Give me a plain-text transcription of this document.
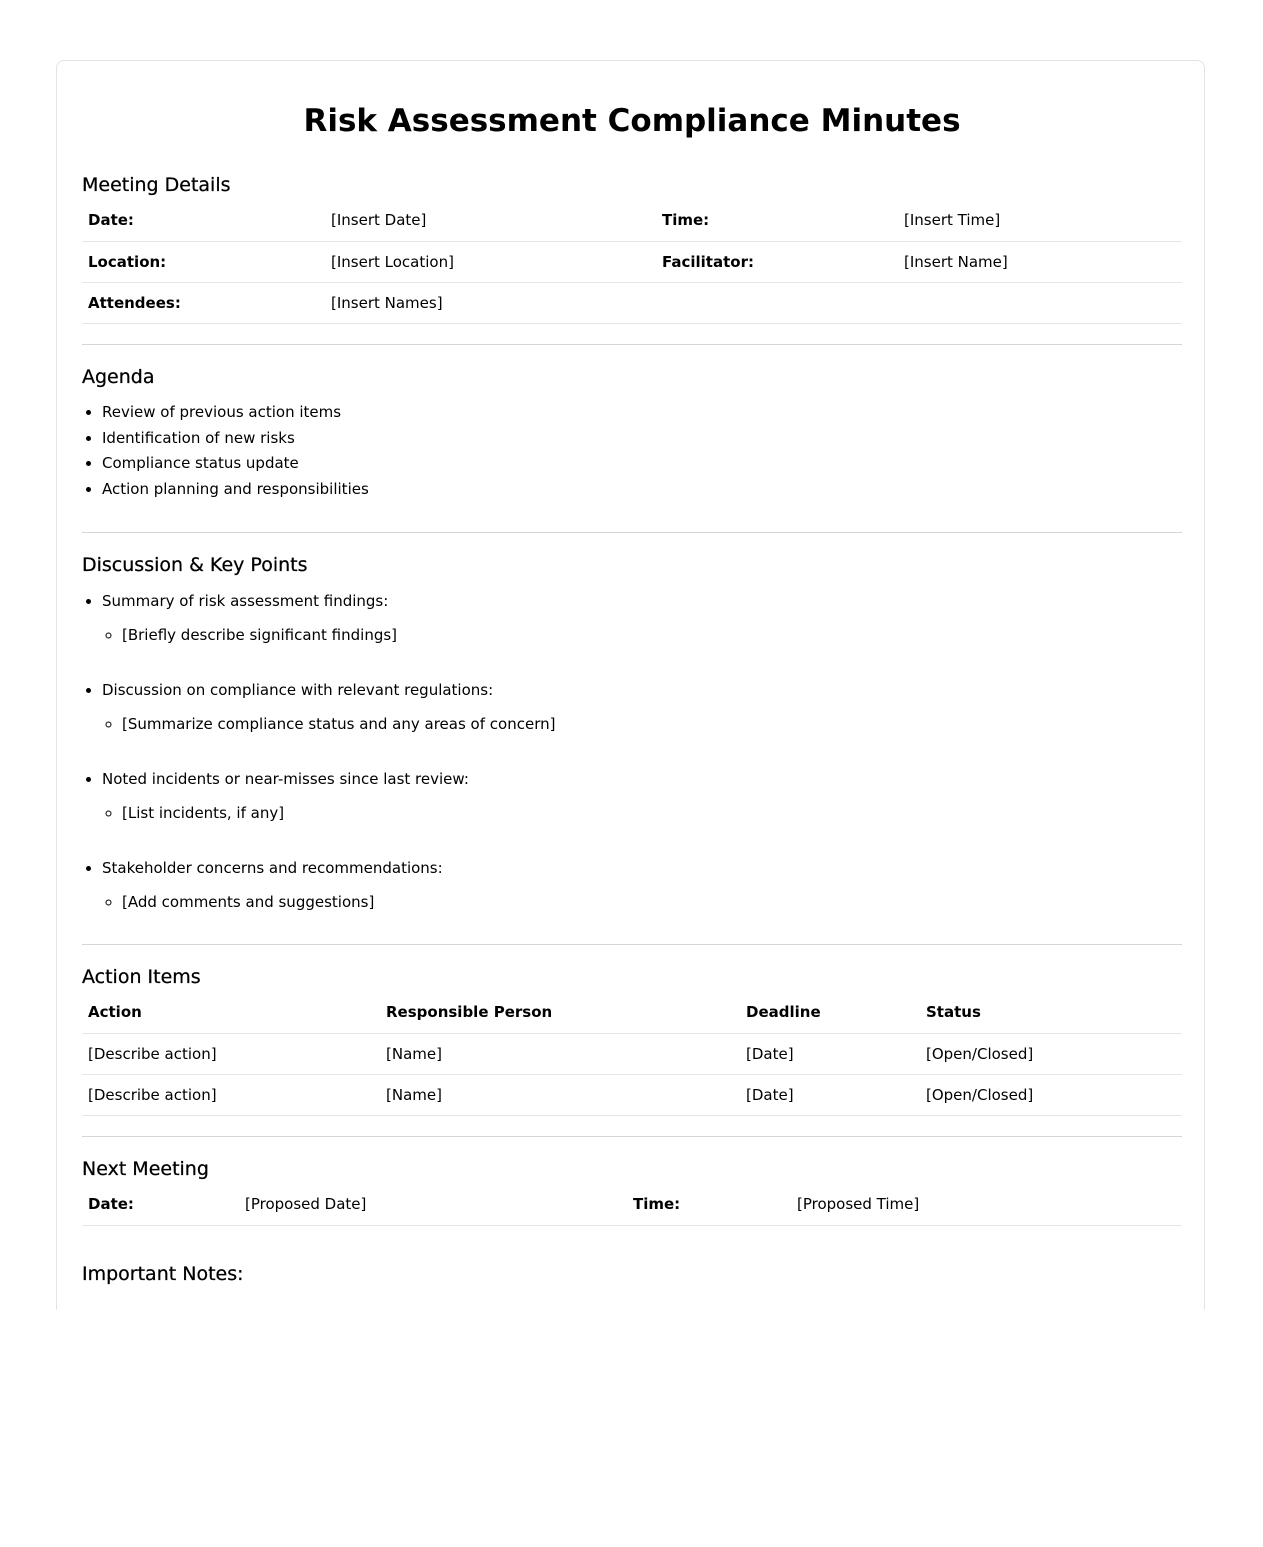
Risk Assessment Compliance Minutes
Meeting Details
Date:	[Insert Date]	Time:	[Insert Time]
Location:	[Insert Location]	Facilitator:	[Insert Name]
Attendees:	[Insert Names]		
Agenda
• Review of previous action items
• Identification of new risks
• Compliance status update
• Action planning and responsibilities
Discussion & Key Points
• Summary of risk assessment findings:
◦ [Briefly describe significant findings]
• Discussion on compliance with relevant regulations:
◦ [Summarize compliance status and any areas of concern]
• Noted incidents or near-misses since last review:
◦ [List incidents, if any]
• Stakeholder concerns and recommendations:
◦ [Add comments and suggestions]
Action Items
Action	Responsible Person	Deadline	Status
[Describe action]	[Name]	[Date]	[Open/Closed]
[Describe action]	[Name]	[Date]	[Open/Closed]
Next Meeting
Date:	[Proposed Date]	Time:	[Proposed Time]
Important Notes:
